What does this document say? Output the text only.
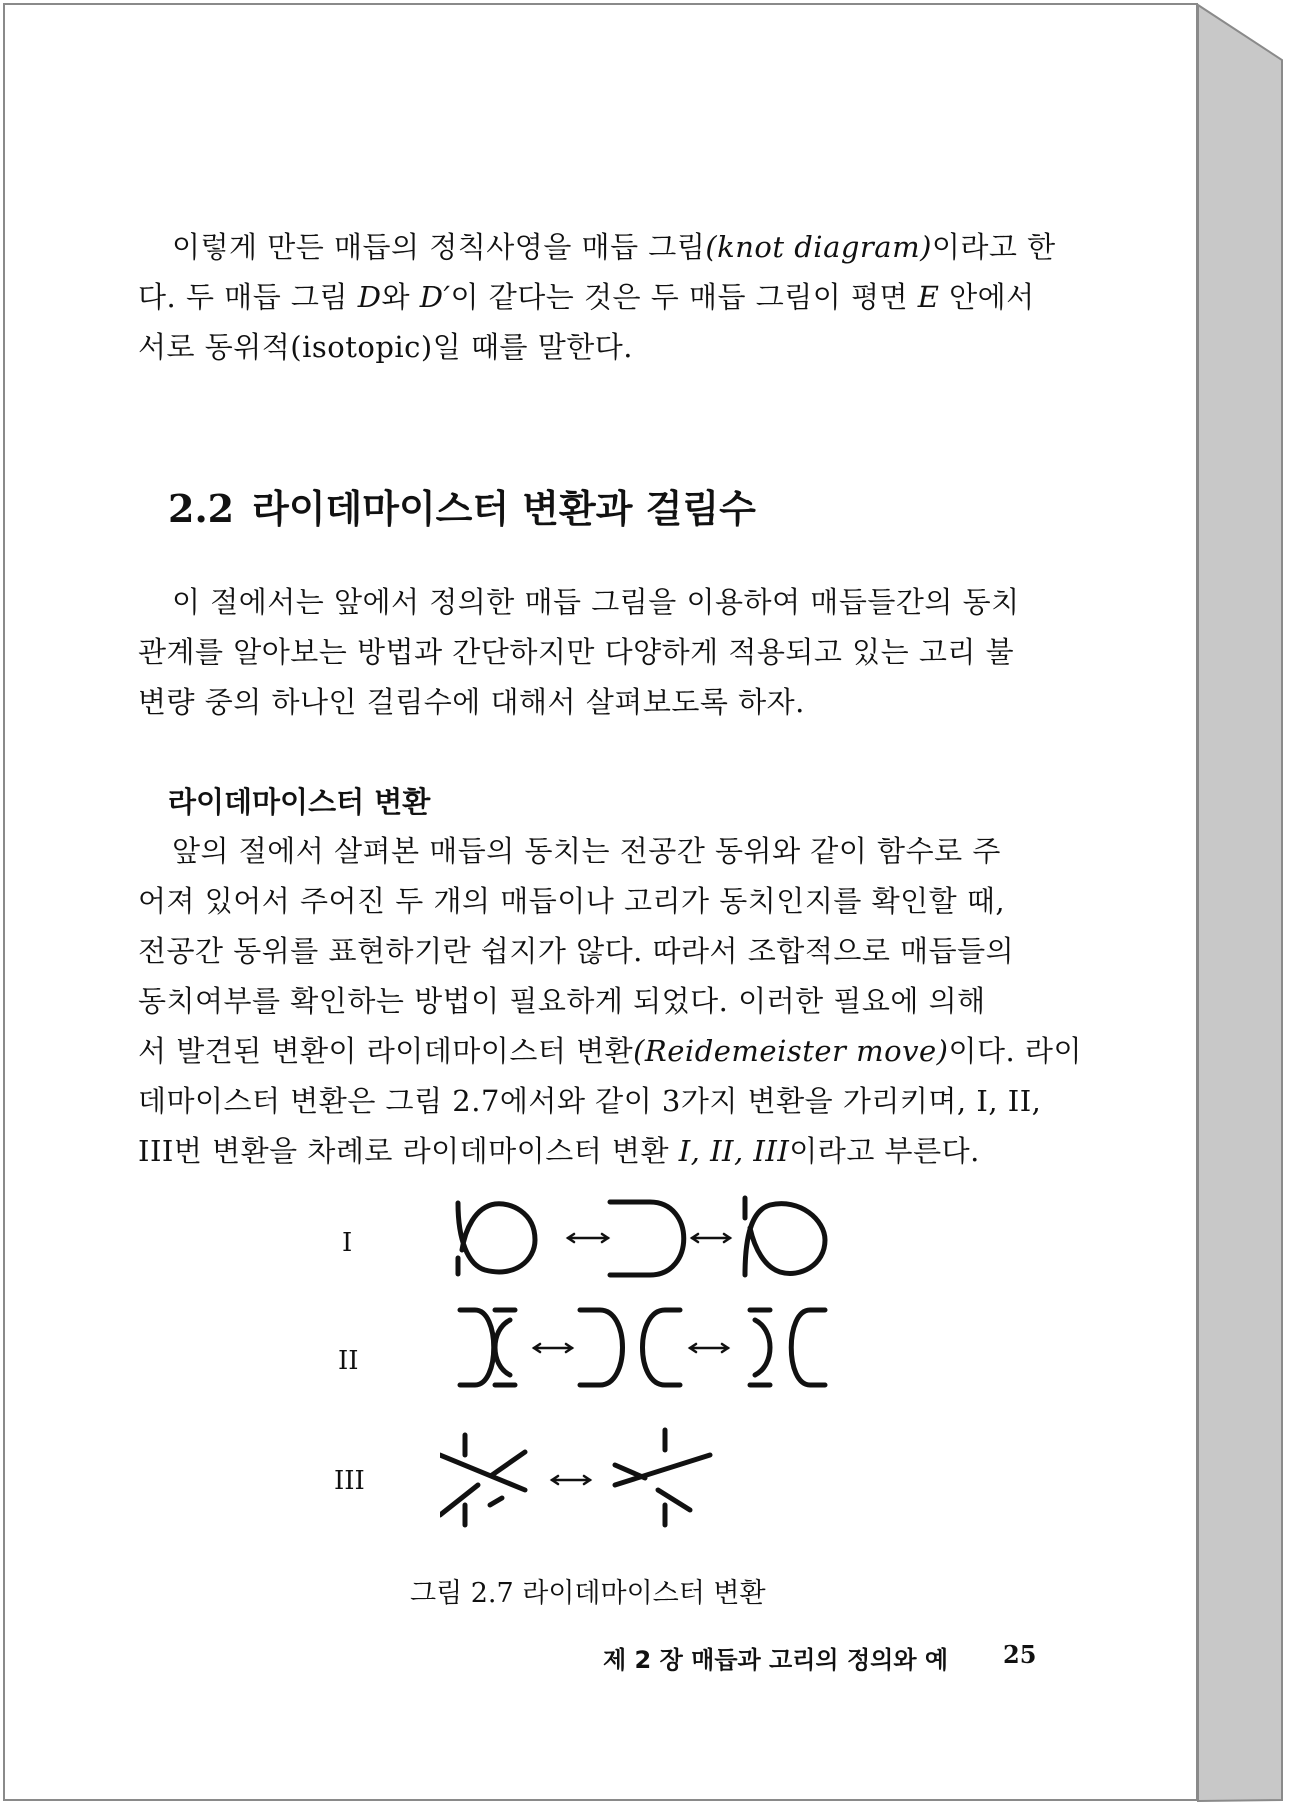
이렇게 만든 매듭의 정칙사영을 매듭 그림(knot diagram)이라고 한
다. 두 매듭 그림 D와 D′이 같다는 것은 두 매듭 그림이 평면 E 안에서
서로 동위적(isotopic)일 때를 말한다.
2.2 라이데마이스터 변환과 걸림수
이 절에서는 앞에서 정의한 매듭 그림을 이용하여 매듭들간의 동치
관계를 알아보는 방법과 간단하지만 다양하게 적용되고 있는 고리 불
변량 중의 하나인 걸림수에 대해서 살펴보도록 하자.
라이데마이스터 변환
앞의 절에서 살펴본 매듭의 동치는 전공간 동위와 같이 함수로 주
어져 있어서 주어진 두 개의 매듭이나 고리가 동치인지를 확인할 때,
전공간 동위를 표현하기란 쉽지가 않다. 따라서 조합적으로 매듭들의
동치여부를 확인하는 방법이 필요하게 되었다. 이러한 필요에 의해
서 발견된 변환이 라이데마이스터 변환(Reidemeister move)이다. 라이
데마이스터 변환은 그림 2.7에서와 같이 3가지 변환을 가리키며, I, II,
III번 변환을 차례로 라이데마이스터 변환 I, II, III이라고 부른다.
I
II
III
그림 2.7 라이데마이스터 변환
제 2 장 매듭과 고리의 정의와 예 25
